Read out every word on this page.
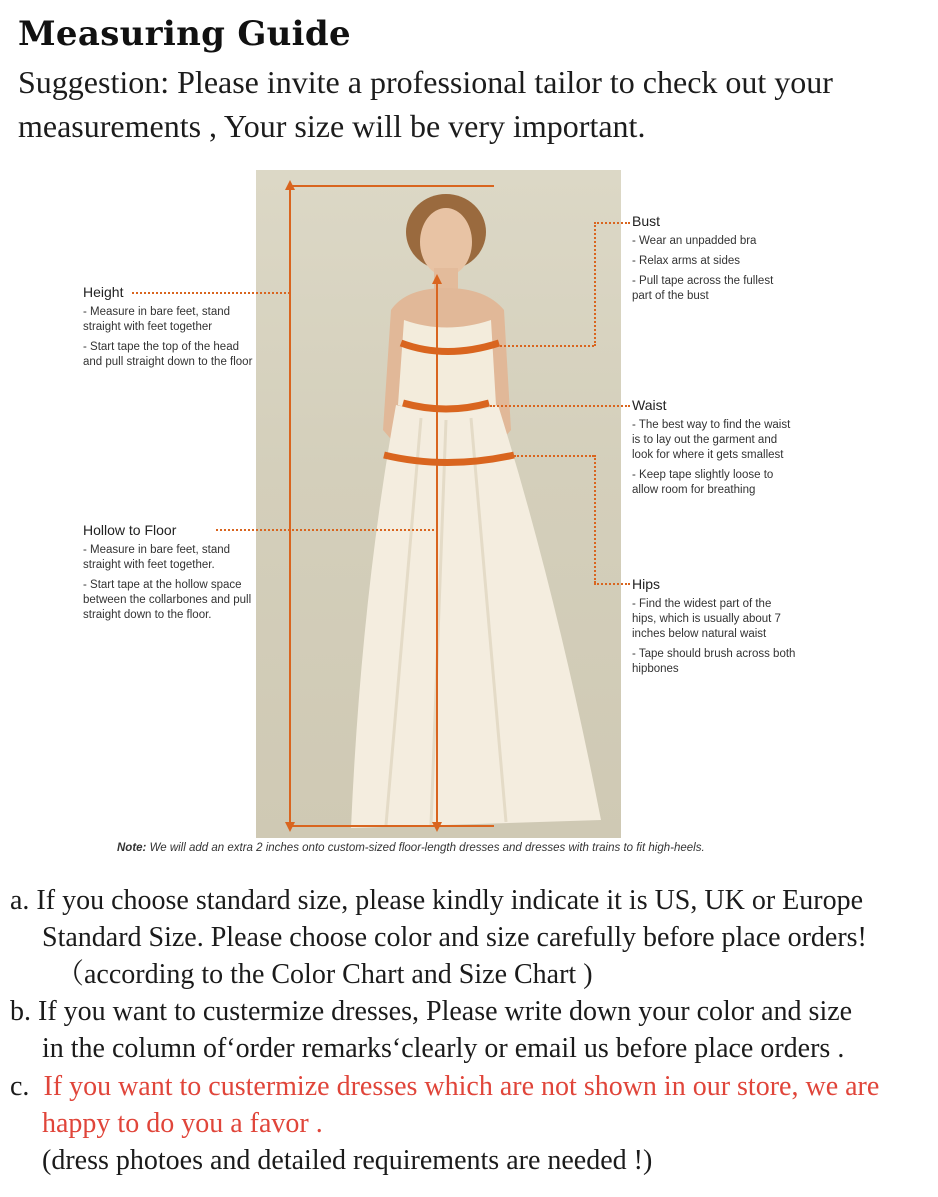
Measuring Guide
Suggestion: Please invite a professional tailor to check out your measurements , Your size will be very important.
Height
- Measure in bare feet, stand straight with feet together
- Start tape the top of the head and pull straight down to the floor
Hollow to Floor
- Measure in bare feet, stand straight with feet together.
- Start tape at the hollow space between the collarbones and pull straight down to the floor.
Bust
- Wear an unpadded bra
- Relax arms at sides
- Pull tape across the fullest part of the bust
Waist
- The best way to find the waist is to lay out the garment and look for where it gets smallest
- Keep tape slightly loose to allow room for breathing
Hips
- Find the widest part of the hips, which is usually about 7 inches below natural waist
- Tape should brush across both hipbones
Note: We will add an extra 2 inches onto custom-sized floor-length dresses and dresses with trains to fit high-heels.
a. If you choose standard size, please kindly indicate it is US, UK or Europe
Standard Size. Please choose color and size carefully before place orders!
（according to the Color Chart and Size Chart )
b. If you want to custermize dresses, Please write down your color and size
in the column of‘order remarks‘clearly or email us before place orders .
c.  If you want to custermize dresses which are not shown in our store, we are
happy to do you a favor .
(dress photoes and detailed requirements are needed !)
